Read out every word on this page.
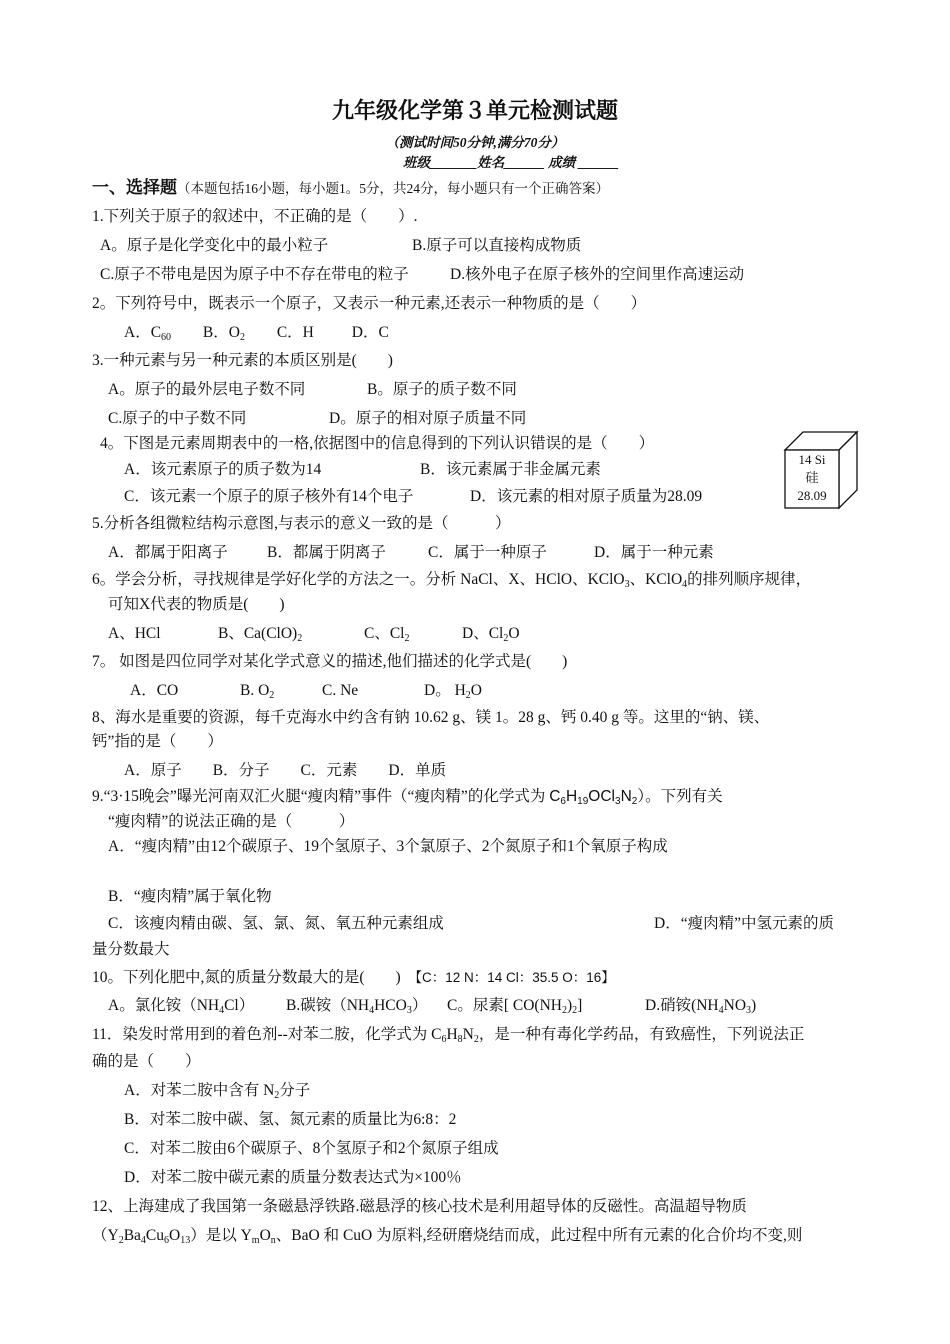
九年级化学第３单元检测试题
（测试时间50分钟,满分70分）
班级_______姓名______ 成绩 ______
一、选择题（本题包括16小题，每小题1。5分，共24分，每小题只有一个正确答案）
1.下列关于原子的叙述中，不正确的是（　　）.
A。原子是化学变化中的最小粒子	B.原子可以直接构成物质
C.原子不带电是因为原子中不存在带电的粒子	D.核外电子在原子核外的空间里作高速运动
2。下列符号中，既表示一个原子，又表示一种元素,还表示一种物质的是（　　）
A．$C_{60}$ B．$O_2$ C．H D．C
3.一种元素与另一种元素的本质区别是(　　)
A。原子的最外层电子数不同	B。原子的质子数不同
C.原子的中子数不同	D。原子的相对原子质量不同
4。下图是元素周期表中的一格,依据图中的信息得到的下列认识错误的是（　　）
A．该元素原子的质子数为14	B．该元素属于非金属元素
C．该元素一个原子的原子核外有14个电子	D．该元素的相对原子质量为28.09
14 Si
硅
28.09
5.分析各组微粒结构示意图,与表示的意义一致的是（　　　）
A．都属于阳离子	B．都属于阴离子	C．属于一种原子	D．属于一种元素
6。学会分析，寻找规律是学好化学的方法之一。分析 NaCl、X、HClO、KClO$_3$、KClO$_4$的排列顺序规律，
可知X代表的物质是(　　)
A、HCl	B、$Ca(ClO)_2$	C、$Cl_2$	D、$Cl_2O$
7。 如图是四位同学对某化学式意义的描述,他们描述的化学式是(　　)
A．CO	B. $O_2$	C. Ne	D。 $H_2O$
8、海水是重要的资源，每千克海水中约含有钠 10.62 g、镁 1。28 g、钙 0.40 g 等。这里的“钠、镁、
钙”指的是（　　）
A．原子　　B．分子　　C．元素　　D．单质
9.“3·15晚会”曝光河南双汇火腿“瘦肉精”事件（“瘦肉精”的化学式为 $C_6H_{19}OCl_3N_2$）。下列有关
“瘦肉精”的说法正确的是（　　　）
A．“瘦肉精”由12个碳原子、19个氢原子、3个氯原子、2个氮原子和1个氧原子构成
B．“瘦肉精”属于氧化物
C．该瘦肉精由碳、氢、氯、氮、氧五种元素组成	D．“瘦肉精”中氢元素的质
量分数最大
10。下列化肥中,氮的质量分数最大的是(　　) 【C：12 N：14 Cl：35.5 O：16】
A。氯化铵$(NH_4Cl)$ B.碳铵$(NH_4HCO_3)$ C。尿素[ $CO(NH_2)_2$]	D.硝铵$(NH_4NO_3)$
11．染发时常用到的着色剂--对苯二胺，化学式为 $C_6H_8N_2$，是一种有毒化学药品，有致癌性，下列说法正
确的是（　　）
A．对苯二胺中含有 $N_2$分子
B．对苯二胺中碳、氢、氮元素的质量比为6:8：2
C．对苯二胺由6个碳原子、8个氢原子和2个氮原子组成
D．对苯二胺中碳元素的质量分数表达式为×100％
12、上海建成了我国第一条磁悬浮铁路.磁悬浮的核心技术是利用超导体的反磁性。高温超导物质
$(Y_2Ba_4Cu_6O_{13})$是以 $Y_mO_n$、BaO 和 CuO 为原料,经研磨烧结而成，此过程中所有元素的化合价均不变,则
